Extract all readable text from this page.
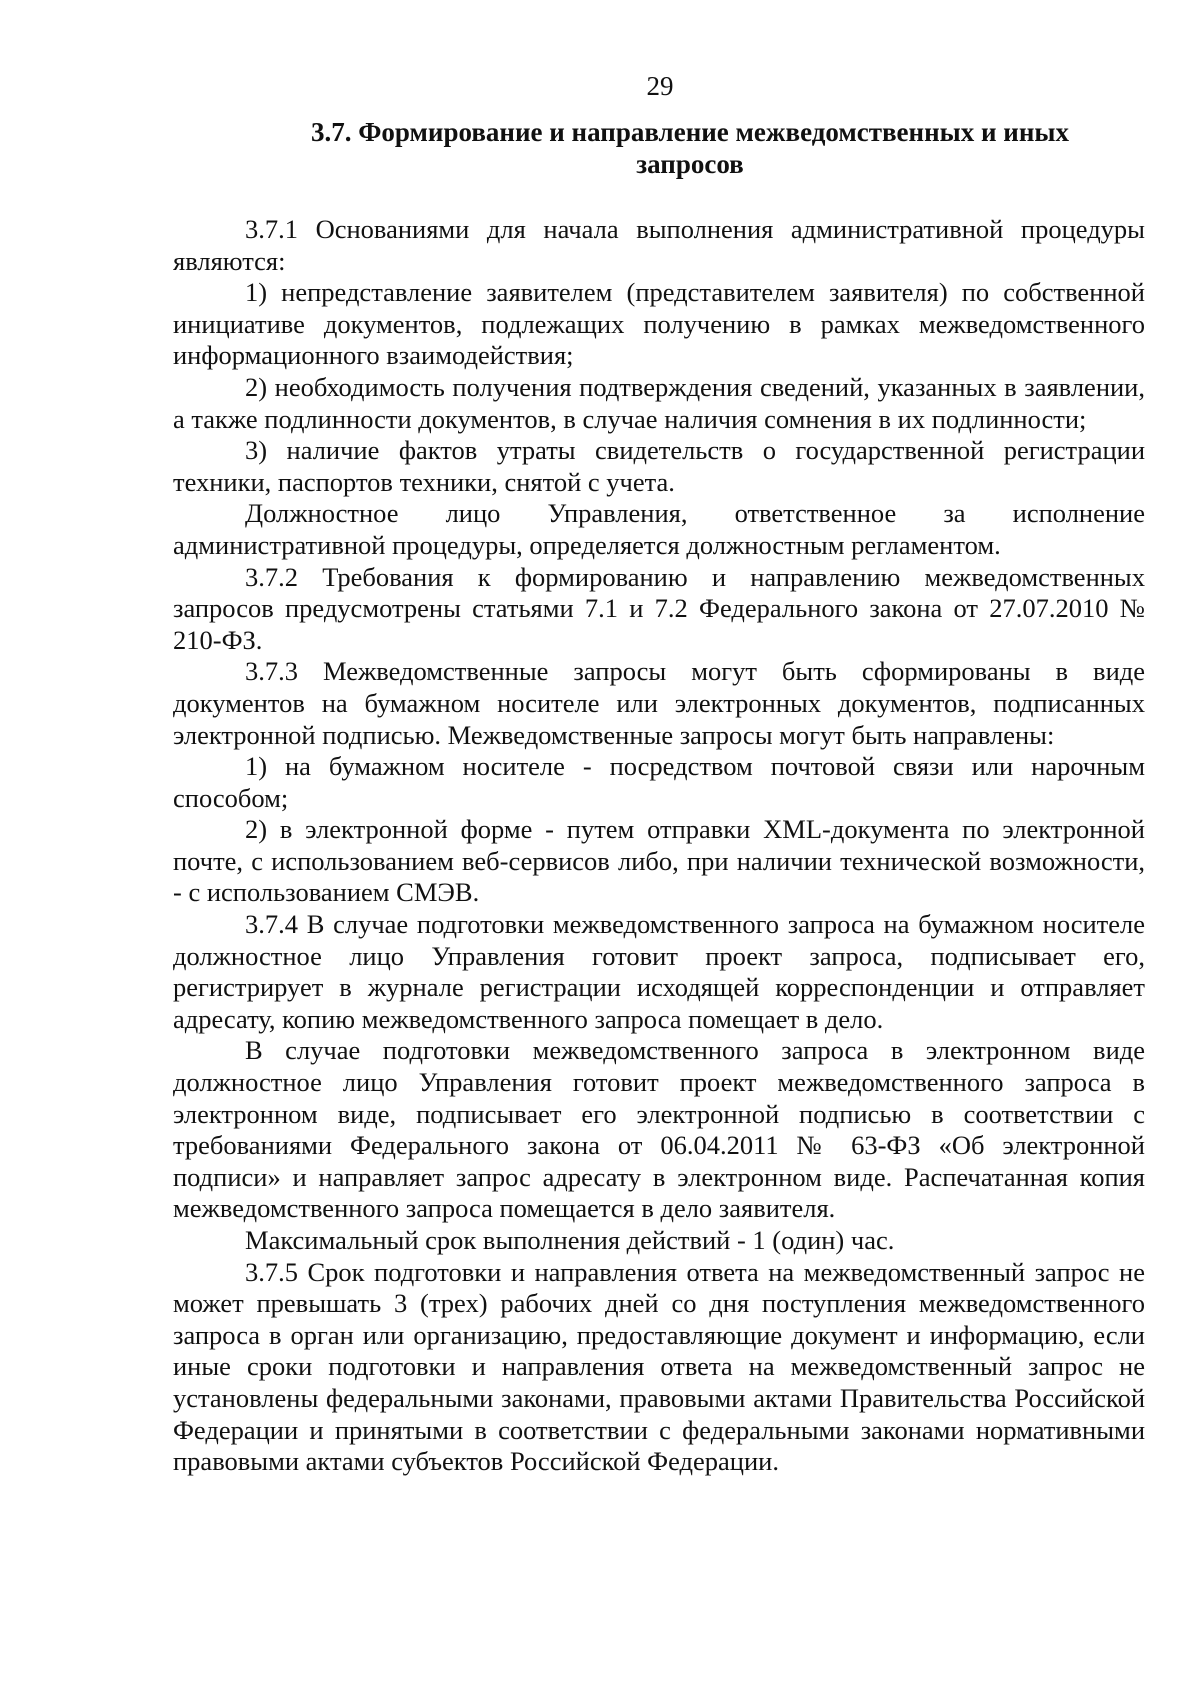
29
3.7. Формирование и направление межведомственных и иных
запросов

3.7.1 Основаниями для начала выполнения административной процедуры являются:

1) непредставление заявителем (представителем заявителя) по собственной инициативе документов, подлежащих получению в рамках межведомственного информационного взаимодействия;

2) необходимость получения подтверждения сведений, указанных в заявлении, а также подлинности документов, в случае наличия сомнения в их подлинности;

3) наличие фактов утраты свидетельств о государственной регистрации техники, паспортов техники, снятой с учета.

Должностное лицо Управления, ответственное за исполнение административной процедуры, определяется должностным регламентом.

3.7.2 Требования к формированию и направлению межведомственных запросов предусмотрены статьями 7.1 и 7.2 Федерального закона от 27.07.2010 № 210-ФЗ.

3.7.3 Межведомственные запросы могут быть сформированы в виде документов на бумажном носителе или электронных документов, подписанных электронной подписью. Межведомственные запросы могут быть направлены:

1) на бумажном носителе - посредством почтовой связи или нарочным способом;

2) в электронной форме - путем отправки XML-документа по электронной почте, с использованием веб-сервисов либо, при наличии технической возможности, - с использованием СМЭВ.

3.7.4 В случае подготовки межведомственного запроса на бумажном носителе должностное лицо Управления готовит проект запроса, подписывает его, регистрирует в журнале регистрации исходящей корреспонденции и отправляет адресату, копию межведомственного запроса помещает в дело.

В случае подготовки межведомственного запроса в электронном виде должностное лицо Управления готовит проект межведомственного запроса в электронном виде, подписывает его электронной подписью в соответствии с требованиями Федерального закона от 06.04.2011 № 63-ФЗ «Об электронной подписи» и направляет запрос адресату в электронном виде. Распечатанная копия межведомственного запроса помещается в дело заявителя.

Максимальный срок выполнения действий - 1 (один) час.

3.7.5 Срок подготовки и направления ответа на межведомственный запрос не может превышать 3 (трех) рабочих дней со дня поступления межведомственного запроса в орган или организацию, предоставляющие документ и информацию, если иные сроки подготовки и направления ответа на межведомственный запрос не установлены федеральными законами, правовыми актами Правительства Российской Федерации и принятыми в соответствии с федеральными законами нормативными правовыми актами субъектов Российской Федерации.
